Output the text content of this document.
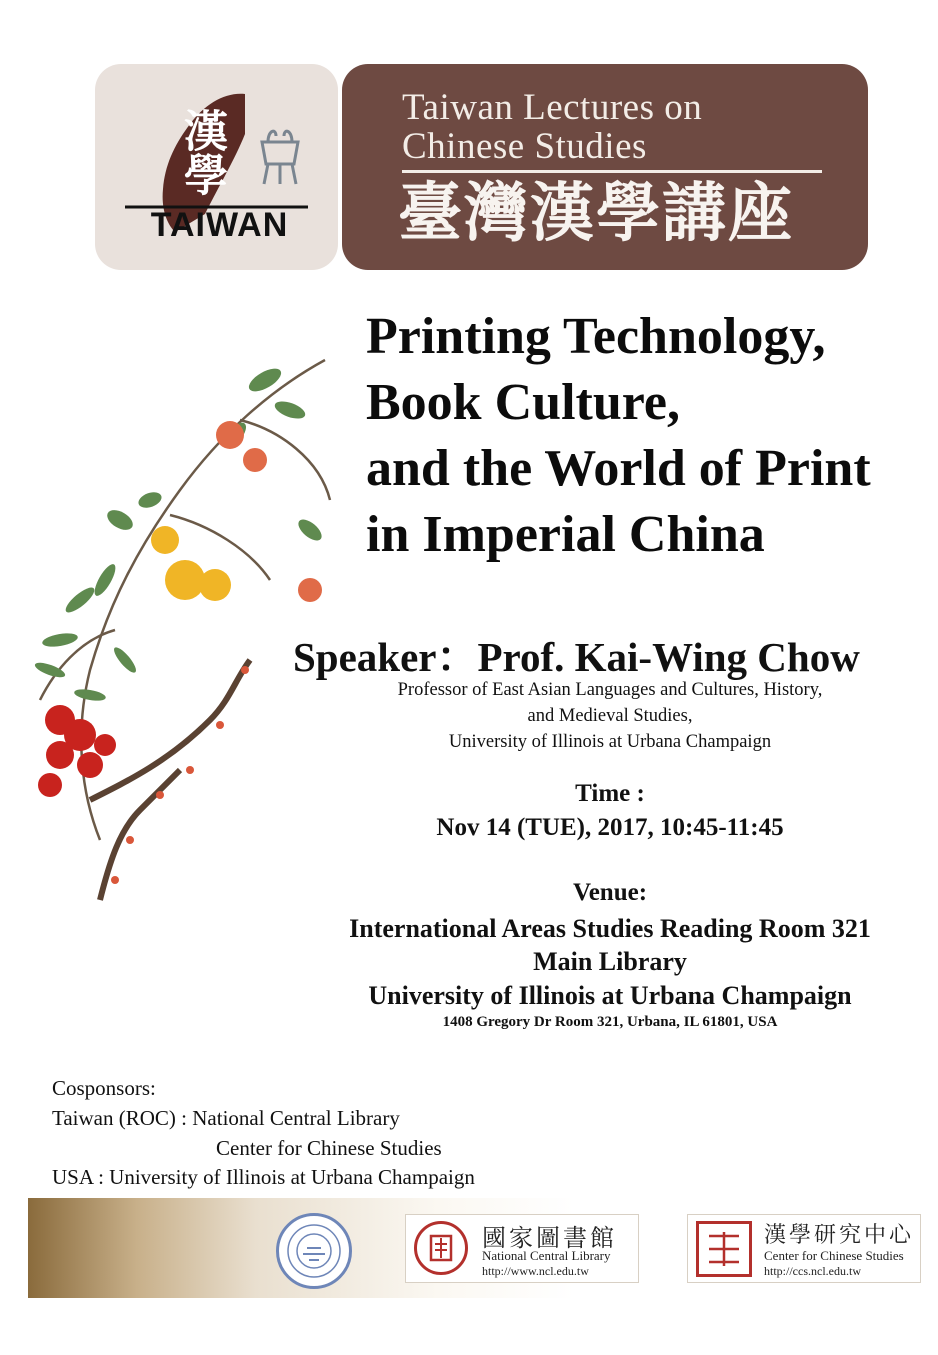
漢學
TAIWAN
Taiwan Lectures on
Chinese Studies
臺灣漢學講座
Printing Technology,
Book Culture,
and the World of Print
in Imperial China
Speaker：Prof. Kai-Wing Chow
Professor of East Asian Languages and Cultures, History,
and Medieval Studies,
University of Illinois at Urbana Champaign
Time :
Nov 14 (TUE), 2017, 10:45-11:45
Venue:
International Areas Studies Reading Room 321
Main Library
University of Illinois at Urbana Champaign
1408 Gregory Dr Room 321, Urbana, IL 61801, USA
Cosponsors:
Taiwan (ROC) : National Central Library
Center for Chinese Studies
USA : University of Illinois at Urbana Champaign
國家圖書館
National Central Library
http://www.ncl.edu.tw
漢學研究中心
Center for Chinese Studies
http://ccs.ncl.edu.tw
